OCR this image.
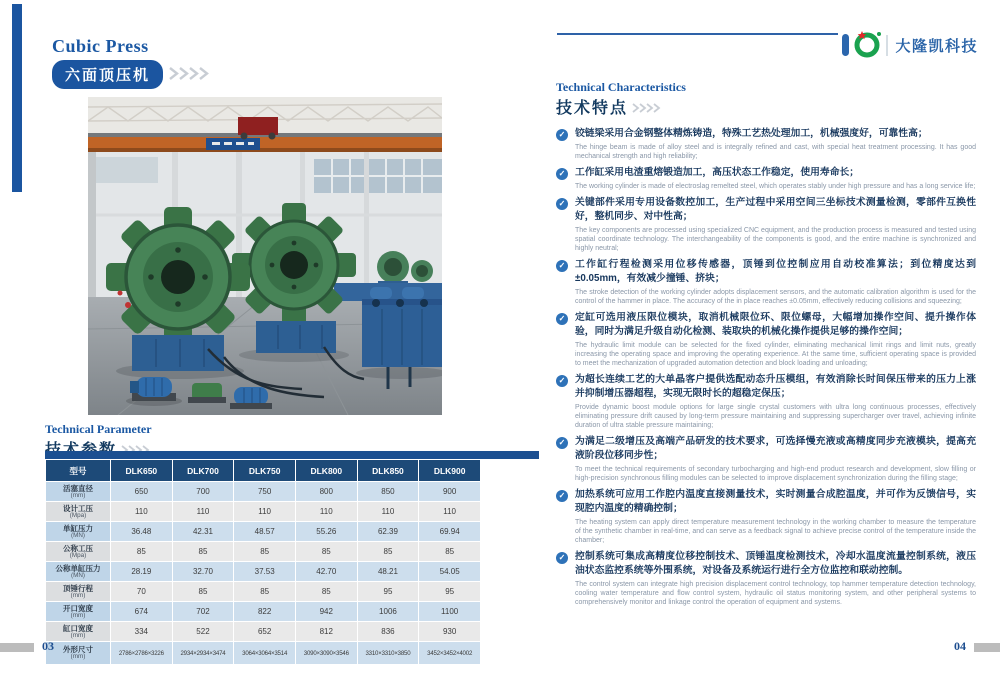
Cubic Press
六面顶压机
大隆凯科技
Technical Parameter
型号	DLK650	DLK700	DLK750	DLK800	DLK850	DLK900

活塞直径
(mm)	650	700	750	800	850	900

设计工压
(Mpa)	110	110	110	110	110	110

单缸压力
(MN)	36.48	42.31	48.57	55.26	62.39	69.94

公称工压
(Mpa)	85	85	85	85	85	85

公称单缸压力
(MN)	28.19	32.70	37.53	42.70	48.21	54.05

顶锤行程
(mm)	70	85	85	85	95	95

开口宽度
(mm)	674	702	822	942	1006	1100

缸口宽度
(mm)	334	522	652	812	836	930

外形尺寸
(mm)	2786×2786×3226	2934×2934×3474	3064×3064×3514	3090×3090×3546	3310×3310×3850	3452×3452×4002
Technical Characteristics
技术特点
✓ 铰链梁采用合金钢整体精炼铸造，特殊工艺热处理加工，机械强度好，可靠性高；
The hinge beam is made of alloy steel and is integrally refined and cast, with special heat treatment processing. It has good mechanical strength and high reliability;
✓ 工作缸采用电渣重熔锻造加工，高压状态工作稳定，使用寿命长；
The working cylinder is made of electroslag remelted steel, which operates stably under high pressure and has a long service life;
✓ 关键部件采用专用设备数控加工，生产过程中采用空间三坐标技术测量检测，零部件互换性好，整机同步、对中性高；
The key components are processed using specialized CNC equipment, and the production process is measured and tested using spatial coordinate technology. The interchangeability of the components is good, and the entire machine is synchronized and highly neutral;
✓ 工作缸行程检测采用位移传感器，顶锤到位控制应用自动校准算法；到位精度达到±0.05mm，有效减少撞锤、挤块；
The stroke detection of the working cylinder adopts displacement sensors, and the automatic calibration algorithm is used for the control of the hammer in place. The accuracy of the in place reaches ±0.05mm, effectively reducing collisions and squeezing;
✓ 定缸可选用液压限位模块，取消机械限位环、限位螺母，大幅增加操作空间、提升操作体验，同时为满足升级自动化检测、装取块的机械化操作提供足够的操作空间；
The hydraulic limit module can be selected for the fixed cylinder, eliminating mechanical limit rings and limit nuts, greatly increasing the operating space and improving the operating experience. At the same time, sufficient operating space is provided to meet the mechanization of upgraded automation detection and block loading and unloading;
✓ 为超长连续工艺的大单晶客户提供选配动态升压模组，有效消除长时间保压带来的压力上涨并抑制增压器超程，实现无限时长的超稳定保压；
Provide dynamic boost module options for large single crystal customers with ultra long continuous processes, effectively eliminating pressure drift caused by long-term pressure maintaining and suppressing supercharger over travel, achieving infinite duration of ultra stable pressure maintaining;
✓ 为满足二级增压及高端产品研发的技术要求，可选择慢充液或高精度同步充液模块，提高充液阶段位移同步性；
To meet the technical requirements of secondary turbocharging and high-end product research and development, slow filling or high-precision synchronous filling modules can be selected to improve displacement synchronization during the filling stage;
✓ 加热系统可应用工作腔内温度直接测量技术，实时测量合成腔温度，并可作为反馈信号，实现腔内温度的精确控制；
The heating system can apply direct temperature measurement technology in the working chamber to measure the temperature of the synthetic chamber in real-time, and can serve as a feedback signal to achieve precise control of the temperature inside the chamber;
✓ 控制系统可集成高精度位移控制技术、顶锤温度检测技术，冷却水温度流量控制系统，液压油状态监控系统等外围系统，对设备及系统运行进行全方位监控和联动控制。
The control system can integrate high precision displacement control technology, top hammer temperature detection technology, cooling water temperature and flow control system, hydraulic oil status monitoring system, and other peripheral systems to comprehensively monitor and linkage control the operation of equipment and systems.
03	04
